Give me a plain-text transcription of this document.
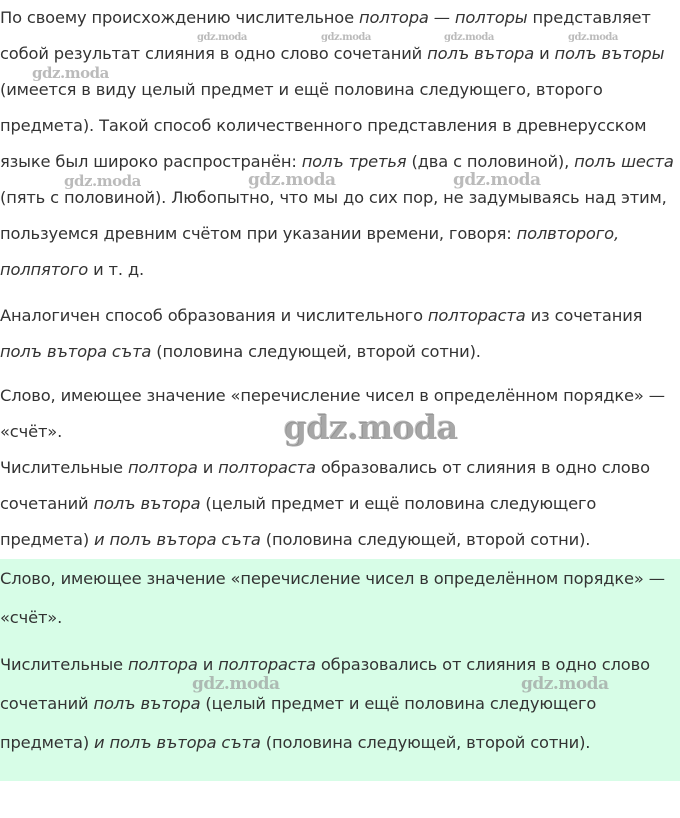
По своему происхождению числительное полтора — полторы представляет собой результат слияния в одно слово сочетаний полъ вътора и полъ въторы (имеется в виду целый предмет и ещё половина следующего, второго предмета). Такой способ количественного представления в древнерусском языке был широко распространён: полъ третья (два с половиной), полъ шеста (пять с половиной). Любопытно, что мы до сих пор, не задумываясь над этим, пользуемся древним счётом при указании времени, говоря: полвторого, полпятого и т. д.

Аналогичен способ образования и числительного полтораста из сочетания полъ вътора съта (половина следующей, второй сотни).

Слово, имеющее значение «перечисление чисел в определённом порядке» — «счёт».

Числительные полтора и полтораста образовались от слияния в одно слово сочетаний полъ вътора (целый предмет и ещё половина следующего предмета) и полъ вътора съта (половина следующей, второй сотни).

Слово, имеющее значение «перечисление чисел в определённом порядке» — «счёт».

Числительные полтора и полтораста образовались от слияния в одно слово сочетаний полъ вътора (целый предмет и ещё половина следующего предмета) и полъ вътора съта (половина следующей, второй сотни).

gdz.moda	gdz.moda	gdz.moda	gdz.moda
gdz.moda
gdz.moda	gdz.moda	gdz.moda
gdz.moda
gdz.moda	gdz.moda
